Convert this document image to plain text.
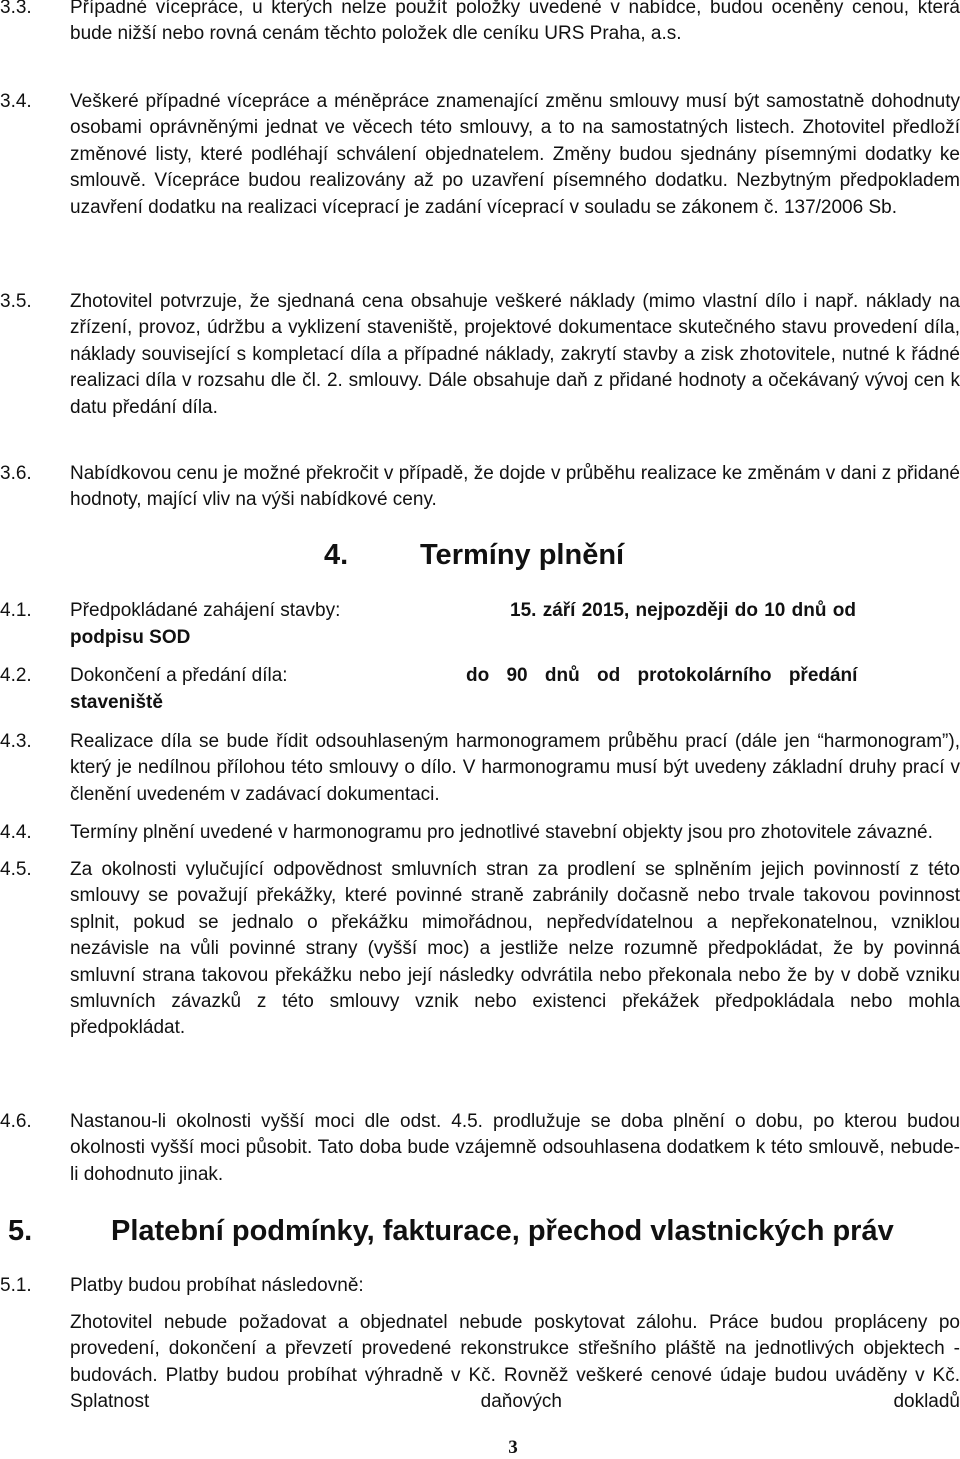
3.3.	Případné vícepráce, u kterých nelze použít položky uvedené v nabídce, budou oceněny cenou, která bude nižší nebo rovná cenám těchto položek dle ceníku URS Praha, a.s.

3.4.	Veškeré případné vícepráce a méněpráce znamenající změnu smlouvy musí být samostatně dohodnuty osobami oprávněnými jednat ve věcech této smlouvy, a to na samostatných listech. Zhotovitel předloží změnové listy, které podléhají schválení objednatelem. Změny budou sjednány písemnými dodatky ke smlouvě. Vícepráce budou realizovány až po uzavření písemného dodatku. Nezbytným předpokladem uzavření dodatku na realizaci víceprací je zadání víceprací v souladu se zákonem č. 137/2006 Sb.

3.5.	Zhotovitel potvrzuje, že sjednaná cena obsahuje veškeré náklady (mimo vlastní dílo i např. náklady na zřízení, provoz, údržbu a vyklizení staveniště, projektové dokumentace skutečného stavu provedení díla, náklady související s kompletací díla a případné náklady, zakrytí stavby a zisk zhotovitele, nutné k řádné realizaci díla v rozsahu dle čl. 2. smlouvy. Dále obsahuje daň z přidané hodnoty a očekávaný vývoj cen k datu předání díla.

3.6.	Nabídkovou cenu je možné překročit v případě, že dojde v průběhu realizace ke změnám v dani z přidané hodnoty, mající vliv na výši nabídkové ceny.

4. Termíny plnění
4.1.	Předpokládané zahájení stavby:	15. září 2015, nejpozději do 10 dnů od
podpisu SOD
4.2.	Dokončení a předání díla:	do 90 dnů od protokolárního předání
staveniště

4.3.	Realizace díla se bude řídit odsouhlaseným harmonogramem průběhu prací (dále jen “harmonogram”), který je nedílnou přílohou této smlouvy o dílo. V harmonogramu musí být uvedeny základní druhy prací v členění uvedeném v zadávací dokumentaci.

4.4.	Termíny plnění uvedené v harmonogramu pro jednotlivé stavební objekty jsou pro zhotovitele závazné.

4.5.	Za okolnosti vylučující odpovědnost smluvních stran za prodlení se splněním jejich povinností z této smlouvy se považují překážky, které povinné straně zabránily dočasně nebo trvale takovou povinnost splnit, pokud se jednalo o překážku mimořádnou, nepředvídatelnou a nepřekonatelnou, vzniklou nezávisle na vůli povinné strany (vyšší moc) a jestliže nelze rozumně předpokládat, že by povinná smluvní strana takovou překážku nebo její následky odvrátila nebo překonala nebo že by v době vzniku smluvních závazků z této smlouvy vznik nebo existenci překážek předpokládala nebo mohla předpokládat.

4.6.	Nastanou-li okolnosti vyšší moci dle odst. 4.5. prodlužuje se doba plnění o dobu, po kterou budou okolnosti vyšší moci působit. Tato doba bude vzájemně odsouhlasena dodatkem k této smlouvě, nebude-li dohodnuto jinak.

5.	Platební podmínky, fakturace, přechod vlastnických práv

5.1.	Platby budou probíhat následovně:

Zhotovitel nebude požadovat a objednatel nebude poskytovat zálohu. Práce budou propláceny po provedení, dokončení a převzetí provedené rekonstrukce střešního pláště na jednotlivých objektech - budovách. Platby budou probíhat výhradně v Kč. Rovněž veškeré cenové údaje budou uváděny v Kč. Splatnost daňových dokladů

3
